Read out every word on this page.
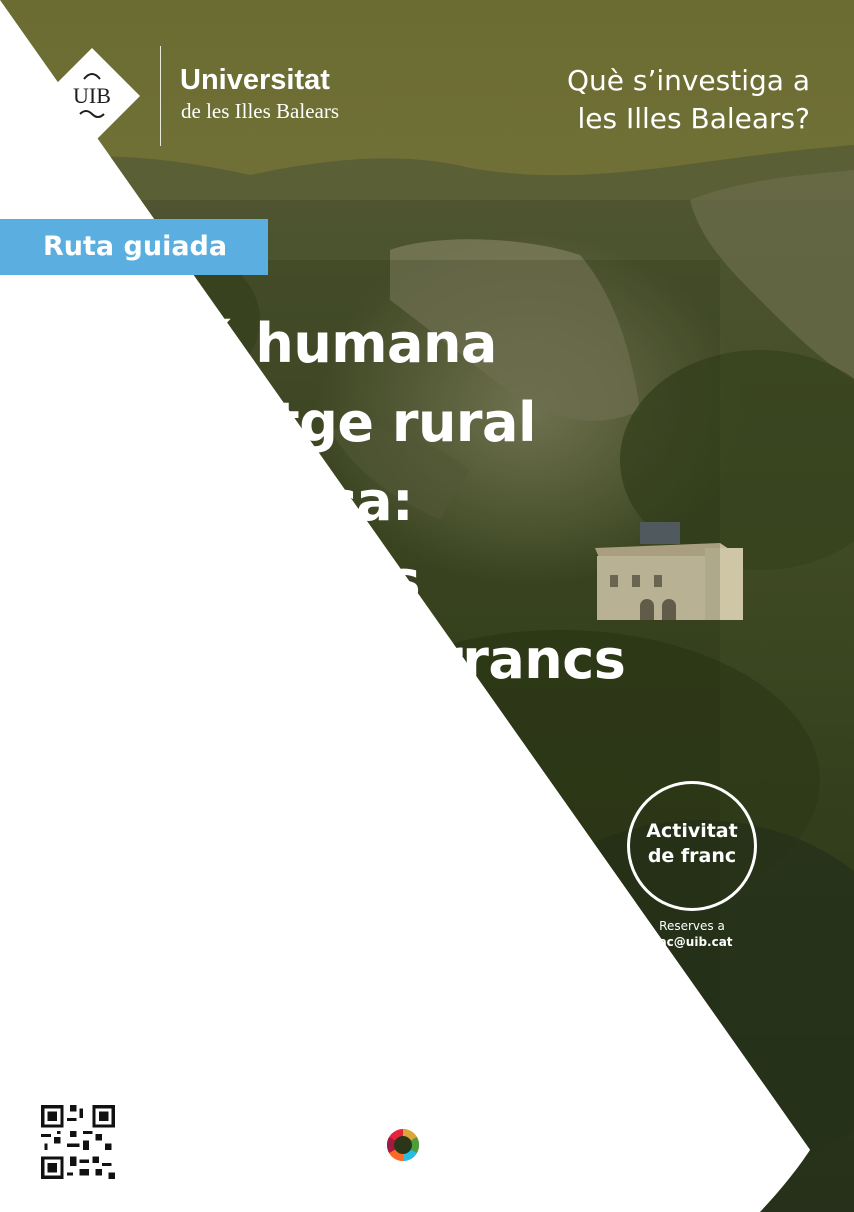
UIB Universitat
de les Illes Balears
Què s’investiga a
les Illes Balears?
Ruta guiada
L’acció humana
al paisatge rural
de Menorca:
de les terres
planes als barrancs
A càrrec de Pere Fraga i Arguimbau
Botànic
Dissabte 10 de maig de 2025
De 9 a 14 hores
Punt de trobada i inici de la ruta: pla de l’Església, Ferreries
Hi haurà servei d’autocar per retornar al punt d’inici
Places limitades
Nivell de dificultat: una bota
Activitat
de franc
Reserves a
sac@uib.cat
INFORMACIÓ
Vicerectorat
de Projecció Cultural
i Universitat Oberta
Servei
d’Activitats
Culturals
#SomUIB
sac.uib.cat
Disseny 2024-25: Servei d’Identitat i Cultura Institucional de la Universitat de les Illes Balears
